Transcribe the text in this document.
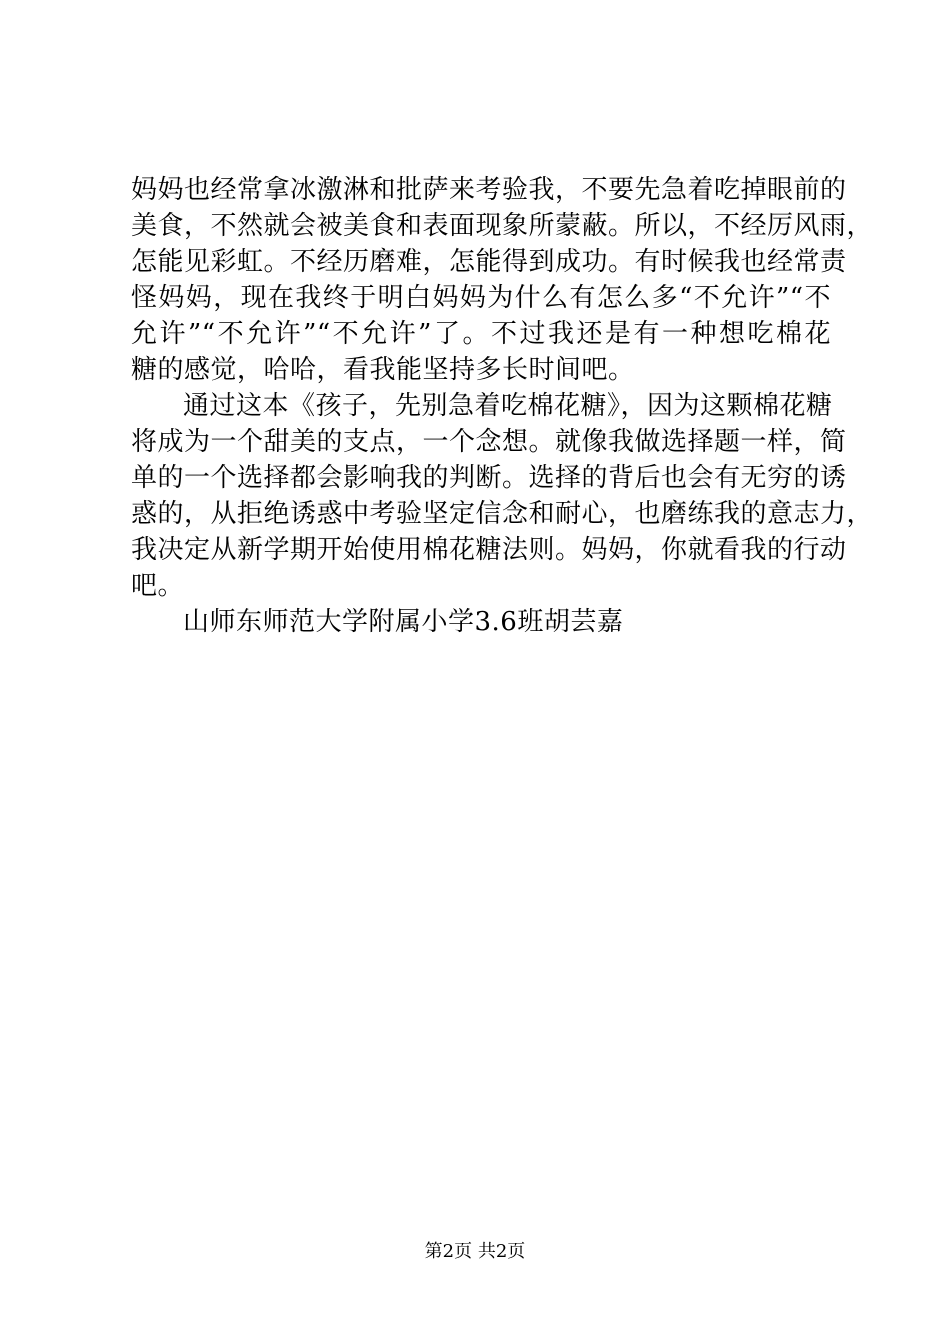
妈妈也经常拿冰激淋和批萨来考验我，不要先急着吃掉眼前的
美食，不然就会被美食和表面现象所蒙蔽。所以，不经厉风雨，
怎能见彩虹。不经历磨难，怎能得到成功。有时候我也经常责
怪妈妈，现在我终于明白妈妈为什么有怎么多“不允许”“不
允许”“不允许”“不允许”了。不过我还是有一种想吃棉花
糖的感觉，哈哈，看我能坚持多长时间吧。
通过这本《孩子，先别急着吃棉花糖》，因为这颗棉花糖
将成为一个甜美的支点，一个念想。就像我做选择题一样，简
单的一个选择都会影响我的判断。选择的背后也会有无穷的诱
惑的，从拒绝诱惑中考验坚定信念和耐心，也磨练我的意志力，
我决定从新学期开始使用棉花糖法则。妈妈，你就看我的行动
吧。
山师东师范大学附属小学3.6班胡芸嘉
第2页 共2页
